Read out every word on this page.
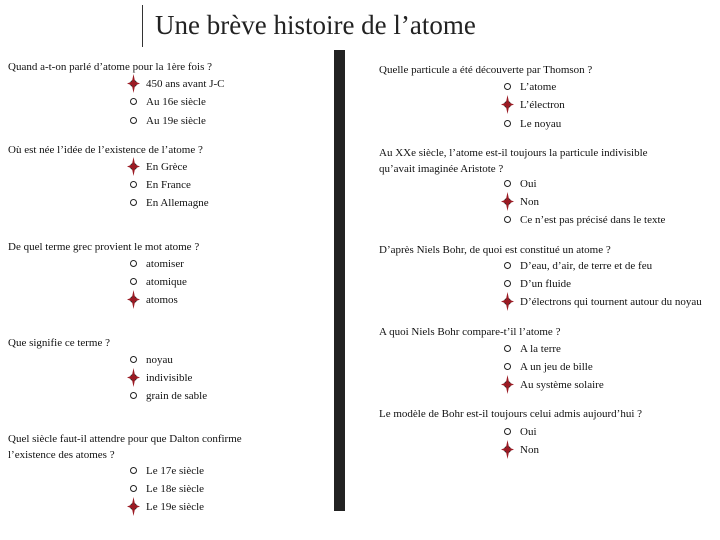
Une brève histoire de l’atome
Quand a-t-on parlé d’atome pour la 1ère fois ?
450 ans avant J-C
Au 16e siècle
Au 19e siècle
Où est née l’idée de l’existence de l’atome ?
En Grèce
En France
En Allemagne
De quel terme grec provient le mot atome ?
atomiser
atomique
atomos
Que signifie ce terme ?
noyau
indivisible
grain de sable
Quel siècle faut-il attendre pour que Dalton confirme
l’existence des atomes ?
Le 17e siècle
Le 18e siècle
Le 19e siècle
Quelle particule a été découverte par Thomson ?
L’atome
L’électron
Le noyau
Au XXe siècle, l’atome est-il toujours la particule indivisible
qu’avait imaginée Aristote ?
Oui
Non
Ce n’est pas précisé dans le texte
D’après Niels Bohr, de quoi est constitué un atome ?
D’eau, d’air, de terre et de feu
D’un fluide
D’électrons qui tournent autour du noyau
A quoi Niels Bohr compare-t’il l’atome ?
A la terre
A un jeu de bille
Au système solaire
Le modèle de Bohr est-il toujours celui admis aujourd’hui ?
Oui
Non
